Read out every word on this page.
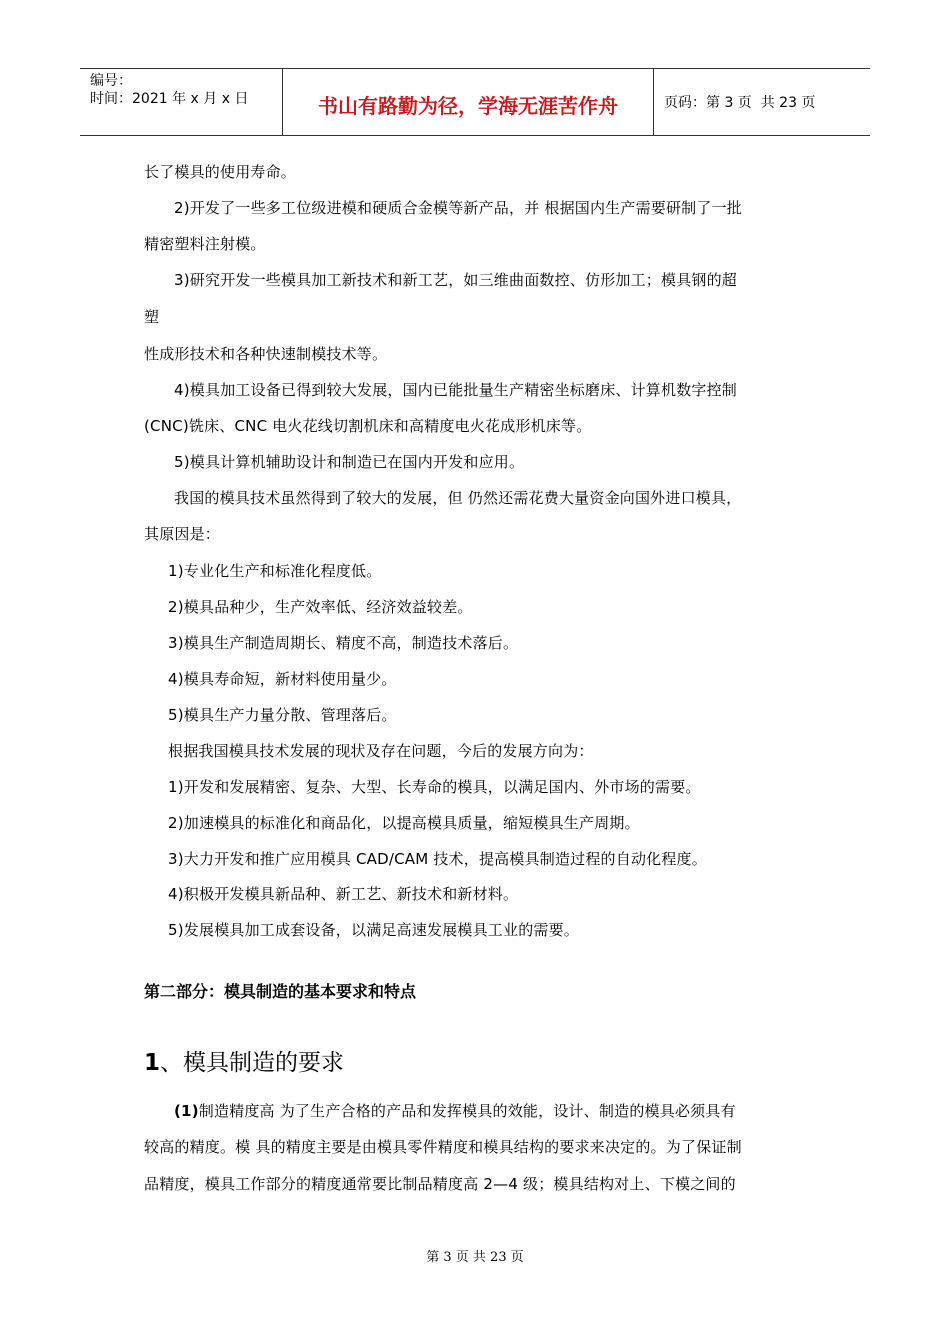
编号：
时间：2021 年 x 月 x 日	书山有路勤为径，学海无涯苦作舟	页码：第 3 页  共 23 页
长了模具的使用寿命。
2)开发了一些多工位级进模和硬质合金模等新产品，并 根据国内生产需要研制了一批
精密塑料注射模。
3)研究开发一些模具加工新技术和新工艺，如三维曲面数控、仿形加工；模具钢的超
塑
性成形技术和各种快速制模技术等。
4)模具加工设备已得到较大发展，国内已能批量生产精密坐标磨床、计算机数字控制
(CNC)铣床、CNC 电火花线切割机床和高精度电火花成形机床等。
5)模具计算机辅助设计和制造已在国内开发和应用。
我国的模具技术虽然得到了较大的发展，但 仍然还需花费大量资金向国外进口模具，
其原因是：
1)专业化生产和标准化程度低。
2)模具品种少，生产效率低、经济效益较差。
3)模具生产制造周期长、精度不高，制造技术落后。
4)模具寿命短，新材料使用量少。
5)模具生产力量分散、管理落后。
根据我国模具技术发展的现状及存在问题，今后的发展方向为：
1)开发和发展精密、复杂、大型、长寿命的模具，以满足国内、外市场的需要。
2)加速模具的标准化和商品化，以提高模具质量，缩短模具生产周期。
3)大力开发和推广应用模具 CAD/CAM 技术，提高模具制造过程的自动化程度。
4)积极开发模具新品种、新工艺、新技术和新材料。
5)发展模具加工成套设备，以满足高速发展模具工业的需要。
第二部分：模具制造的基本要求和特点
1、模具制造的要求
(1)制造精度高 为了生产合格的产品和发挥模具的效能，设计、制造的模具必须具有
较高的精度。模 具的精度主要是由模具零件精度和模具结构的要求来决定的。为了保证制
品精度，模具工作部分的精度通常要比制品精度高 2—4 级；模具结构对上、下模之间的
第 3 页 共 23 页
